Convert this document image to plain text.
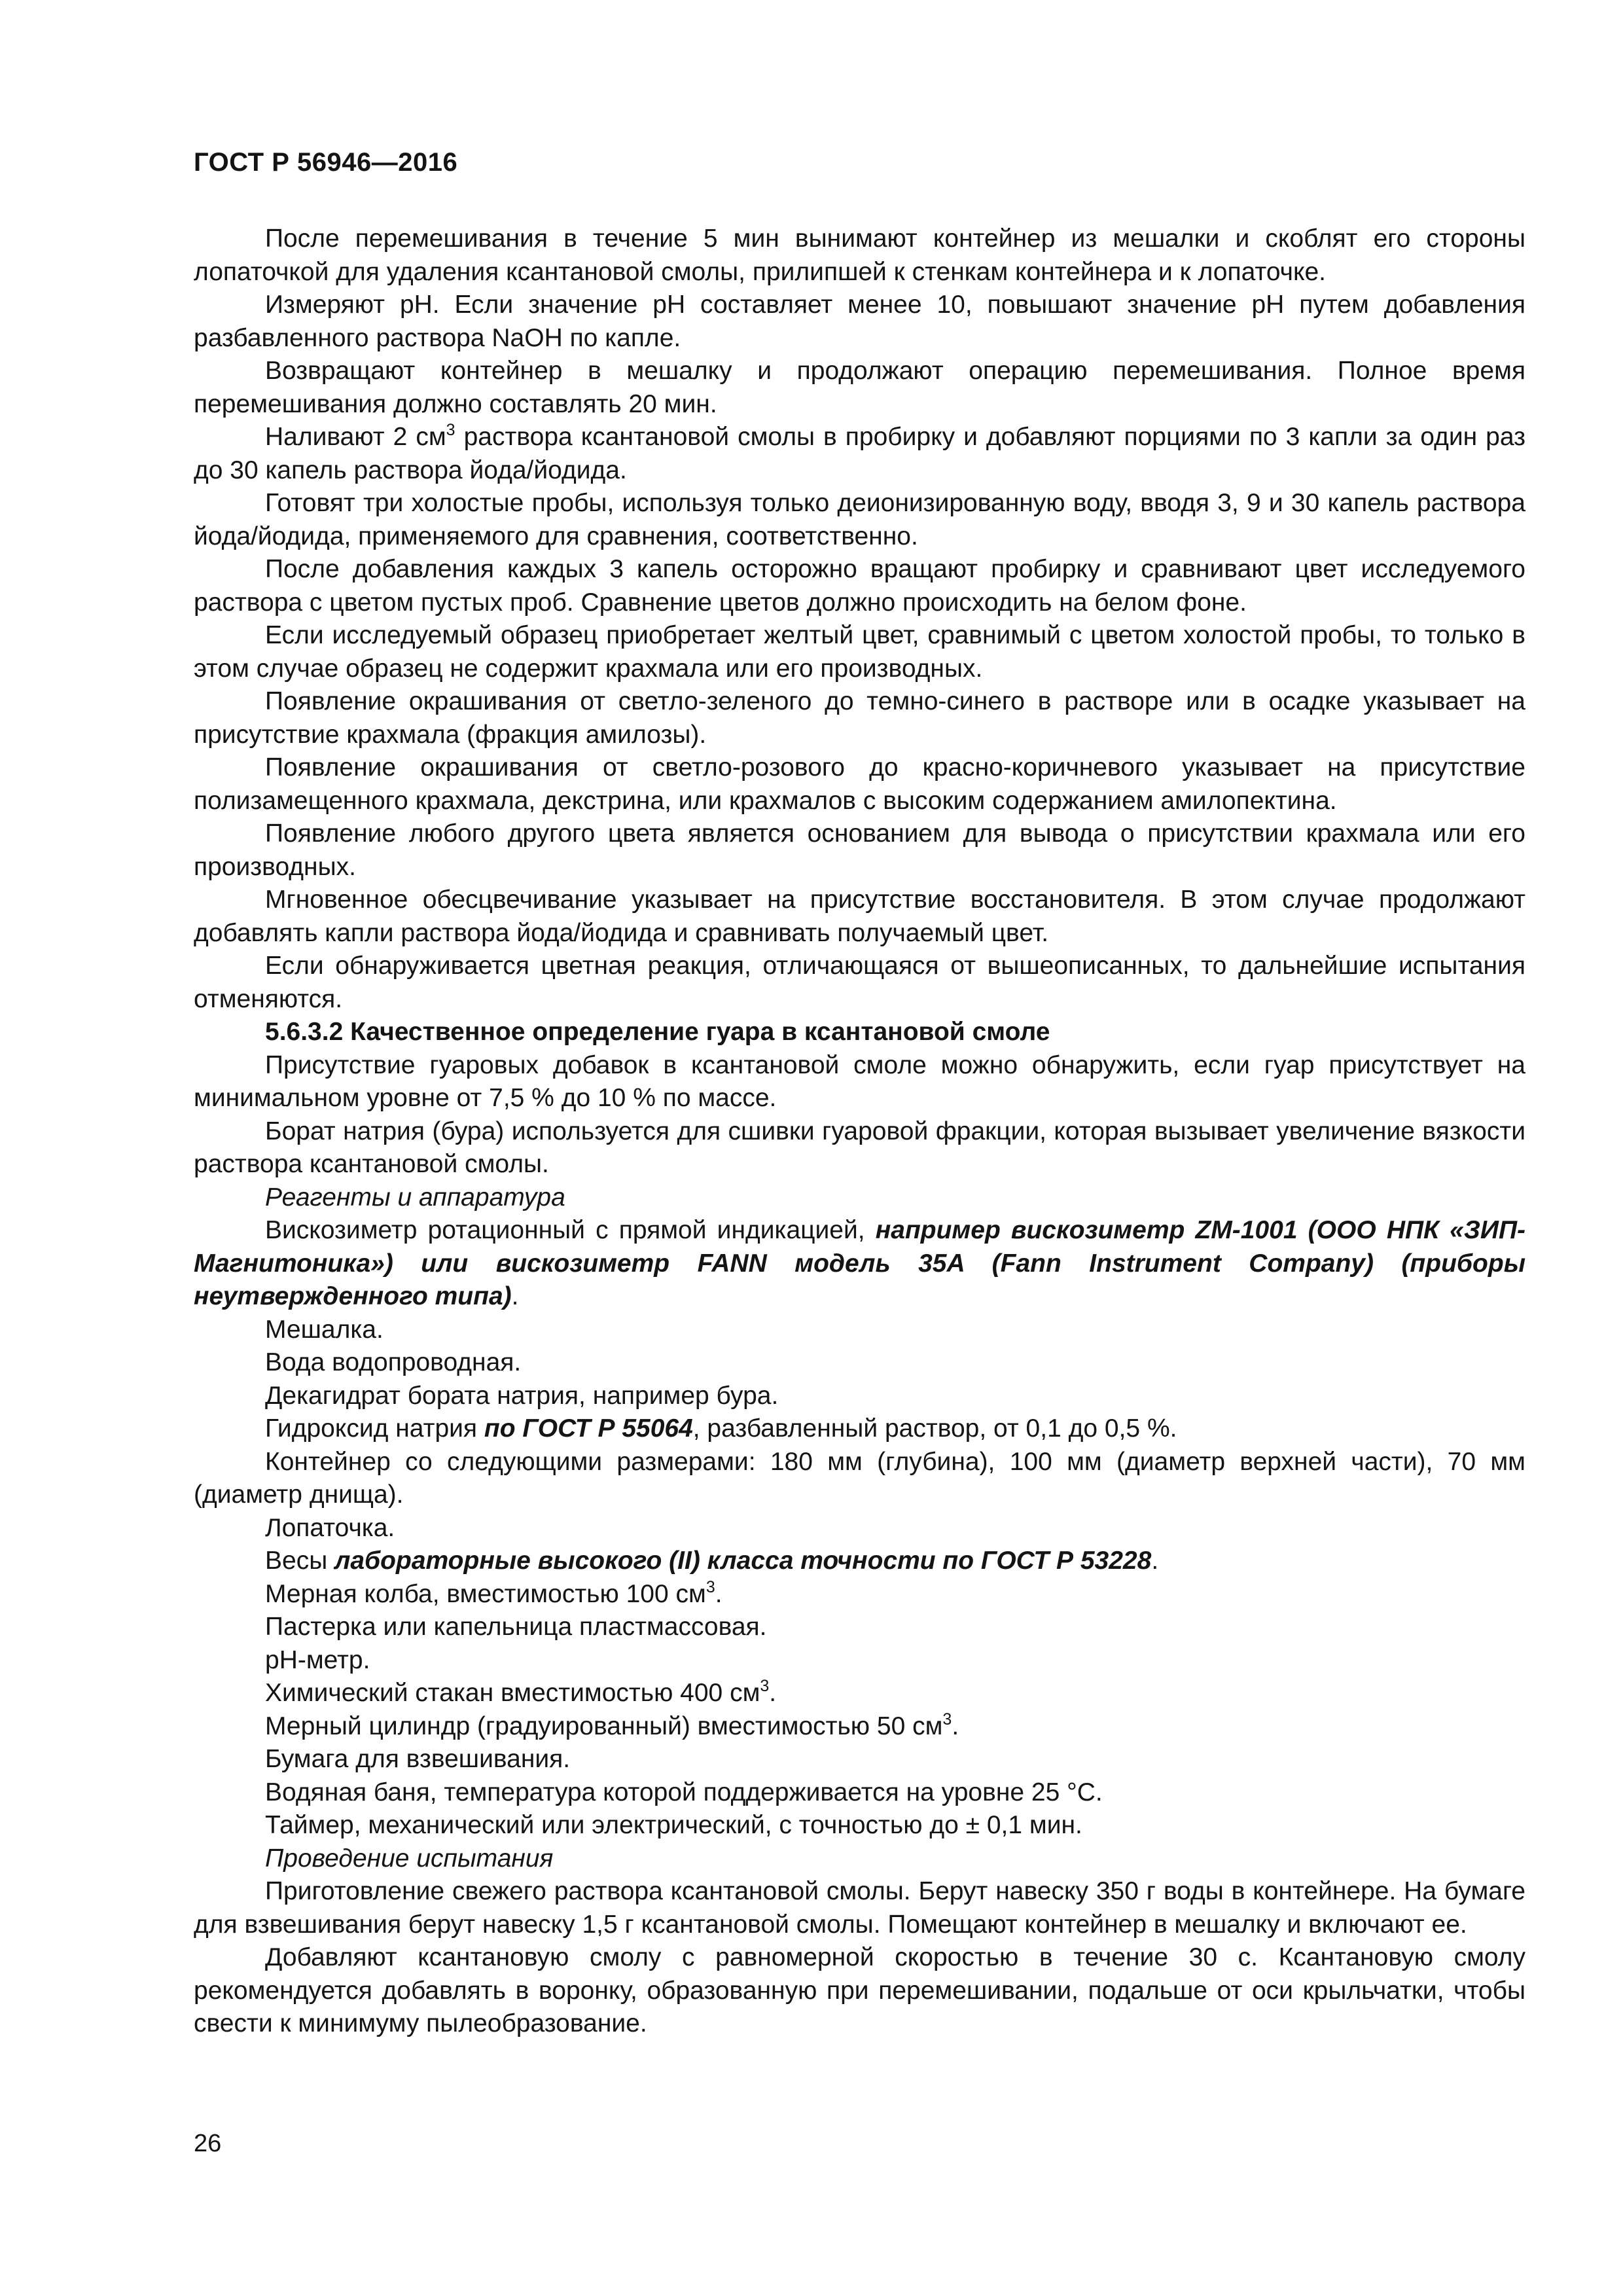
ГОСТ Р 56946—2016

После перемешивания в течение 5 мин вынимают контейнер из мешалки и скоблят его стороны лопаточкой для удаления ксантановой смолы, прилипшей к стенкам контейнера и к лопаточке.

Измеряют pH. Если значение pH составляет менее 10, повышают значение pH путем добавления разбавленного раствора NaOH по капле.

Возвращают контейнер в мешалку и продолжают операцию перемешивания. Полное время перемешивания должно составлять 20 мин.

Наливают 2 $см^3$ раствора ксантановой смолы в пробирку и добавляют порциями по 3 капли за один раз до 30 капель раствора йода/йодида.

Готовят три холостые пробы, используя только деионизированную воду, вводя 3, 9 и 30 капель раствора йода/йодида, применяемого для сравнения, соответственно.

После добавления каждых 3 капель осторожно вращают пробирку и сравнивают цвет исследуемого раствора с цветом пустых проб. Сравнение цветов должно происходить на белом фоне.

Если исследуемый образец приобретает желтый цвет, сравнимый с цветом холостой пробы, то только в этом случае образец не содержит крахмала или его производных.

Появление окрашивания от светло-зеленого до темно-синего в растворе или в осадке указывает на присутствие крахмала (фракция амилозы).

Появление окрашивания от светло-розового до красно-коричневого указывает на присутствие полизамещенного крахмала, декстрина, или крахмалов с высоким содержанием амилопектина.

Появление любого другого цвета является основанием для вывода о присутствии крахмала или его производных.

Мгновенное обесцвечивание указывает на присутствие восстановителя. В этом случае продолжают добавлять капли раствора йода/йодида и сравнивать получаемый цвет.

Если обнаруживается цветная реакция, отличающаяся от вышеописанных, то дальнейшие испытания отменяются.

5.6.3.2 Качественное определение гуара в ксантановой смоле

Присутствие гуаровых добавок в ксантановой смоле можно обнаружить, если гуар присутствует на минимальном уровне от 7,5 % до 10 % по массе.

Борат натрия (бура) используется для сшивки гуаровой фракции, которая вызывает увеличение вязкости раствора ксантановой смолы.

Реагенты и аппаратура

Вискозиметр ротационный с прямой индикацией, например вискозиметр ZM-1001 (ООО НПК «ЗИП-Магнитоника») или вискозиметр FANN модель 35A (Fann Instrument Company) (приборы неутвержденного типа).

Мешалка.

Вода водопроводная.

Декагидрат бората натрия, например бура.

Гидроксид натрия по ГОСТ Р 55064, разбавленный раствор, от 0,1 до 0,5 %.

Контейнер со следующими размерами: 180 мм (глубина), 100 мм (диаметр верхней части), 70 мм (диаметр днища).

Лопаточка.

Весы лабораторные высокого (II) класса точности по ГОСТ Р 53228.

Мерная колба, вместимостью 100 $см^3$.

Пастерка или капельница пластмассовая.

pH-метр.

Химический стакан вместимостью 400 $см^3$.

Мерный цилиндр (градуированный) вместимостью 50 $см^3$.

Бумага для взвешивания.

Водяная баня, температура которой поддерживается на уровне 25 °С.

Таймер, механический или электрический, с точностью до ± 0,1 мин.

Проведение испытания

Приготовление свежего раствора ксантановой смолы. Берут навеску 350 г воды в контейнере. На бумаге для взвешивания берут навеску 1,5 г ксантановой смолы. Помещают контейнер в мешалку и включают ее.

Добавляют ксантановую смолу с равномерной скоростью в течение 30 с. Ксантановую смолу рекомендуется добавлять в воронку, образованную при перемешивании, подальше от оси крыльчатки, чтобы свести к минимуму пылеобразование.

26
